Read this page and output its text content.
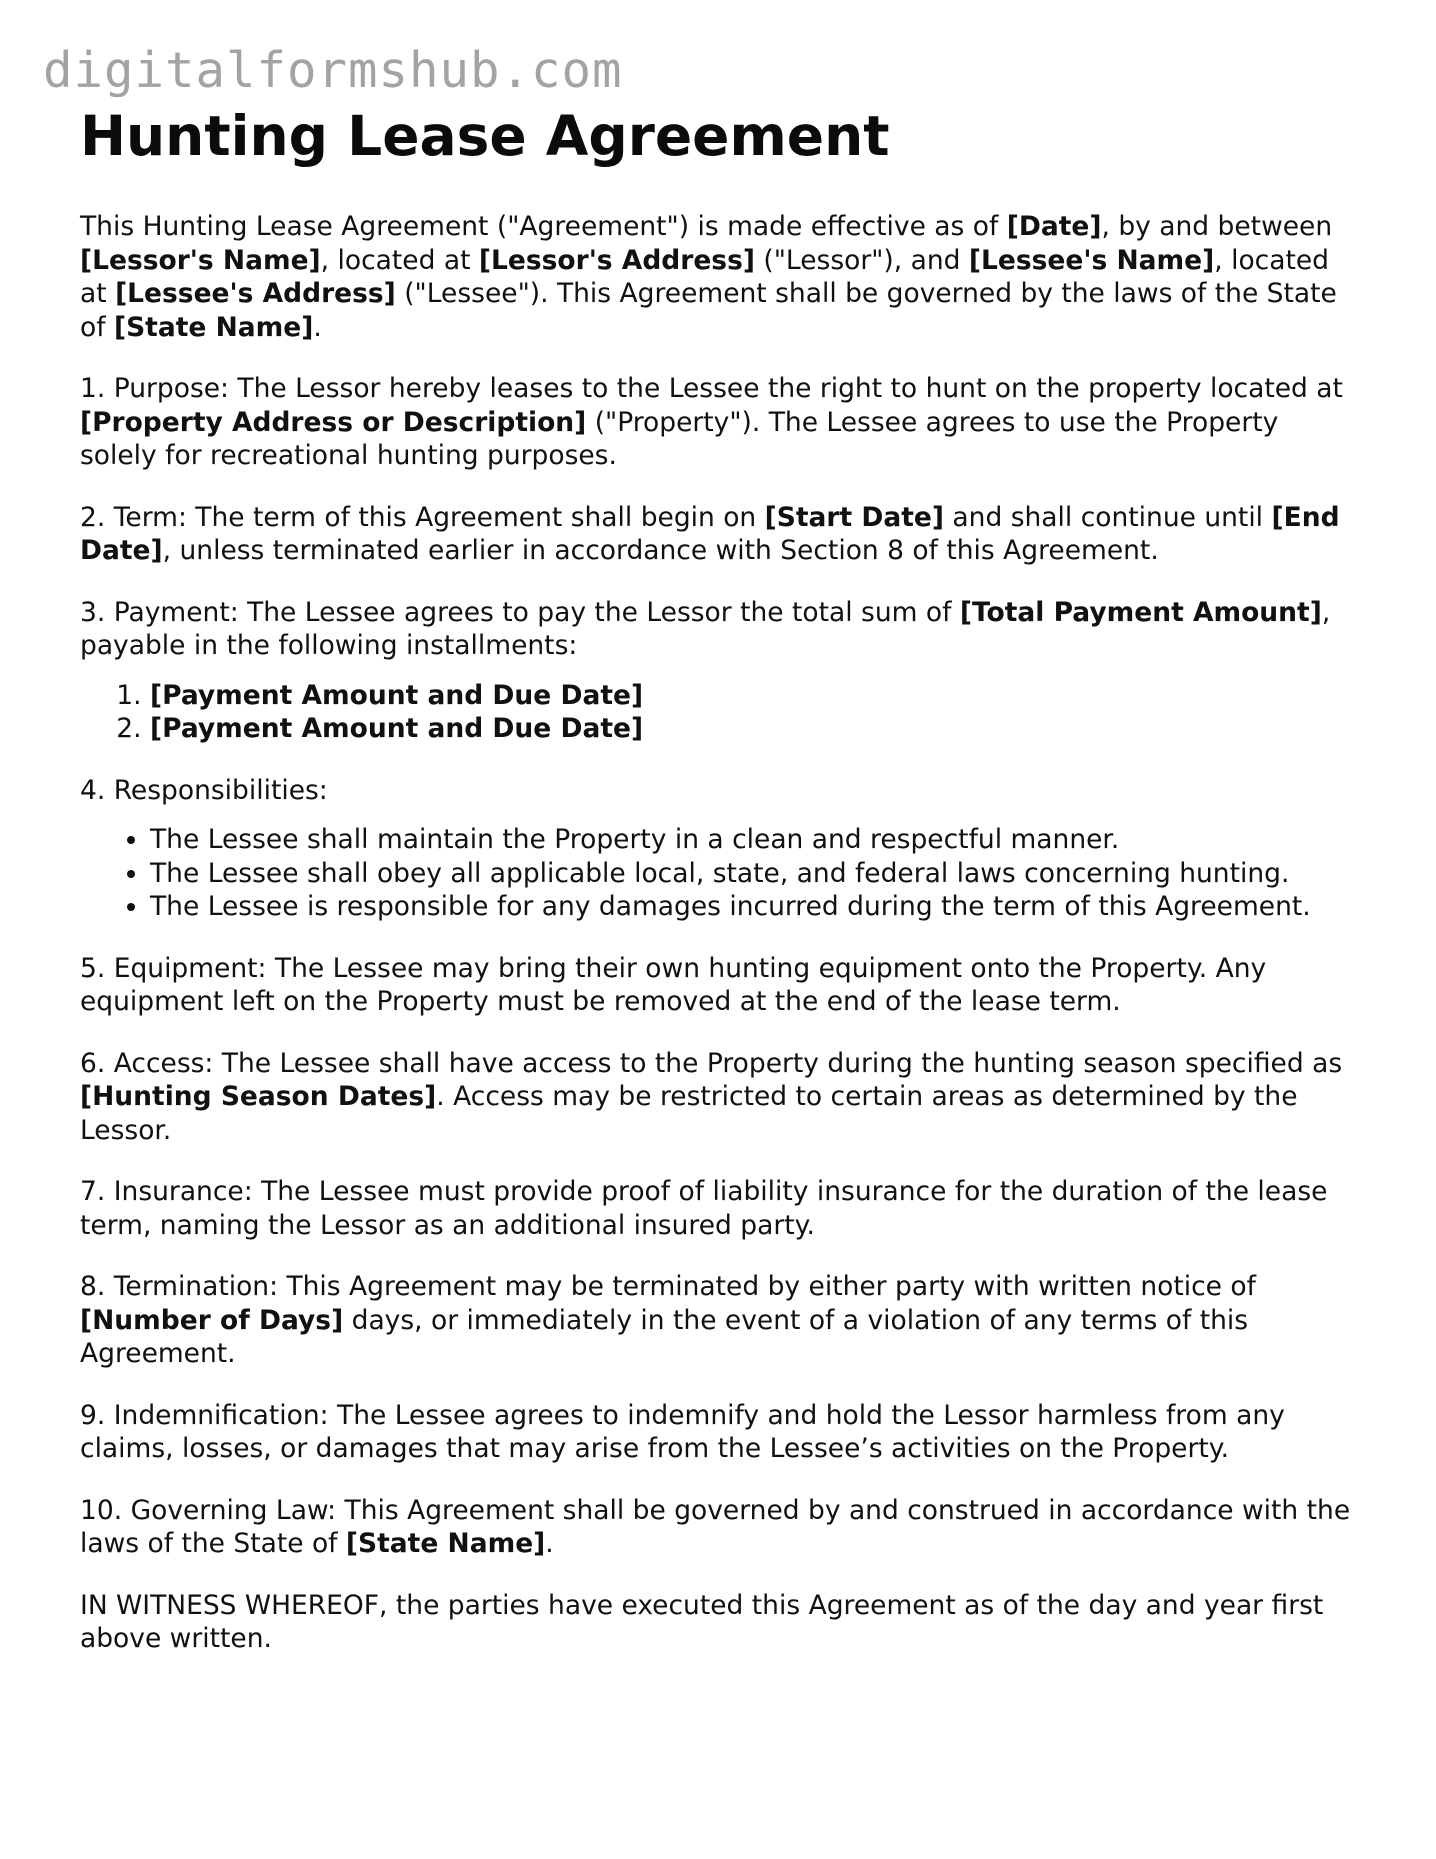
digitalformshub.com
Hunting Lease Agreement

This Hunting Lease Agreement ("Agreement") is made effective as of [Date], by and between [Lessor's Name], located at [Lessor's Address] ("Lessor"), and [Lessee's Name], located at [Lessee's Address] ("Lessee"). This Agreement shall be governed by the laws of the State of [State Name].

1. Purpose: The Lessor hereby leases to the Lessee the right to hunt on the property located at [Property Address or Description] ("Property"). The Lessee agrees to use the Property solely for recreational hunting purposes.

2. Term: The term of this Agreement shall begin on [Start Date] and shall continue until [End Date], unless terminated earlier in accordance with Section 8 of this Agreement.

3. Payment: The Lessee agrees to pay the Lessor the total sum of [Total Payment Amount], payable in the following installments:

1. [Payment Amount and Due Date]
2. [Payment Amount and Due Date]

4. Responsibilities:

• The Lessee shall maintain the Property in a clean and respectful manner.
• The Lessee shall obey all applicable local, state, and federal laws concerning hunting.
• The Lessee is responsible for any damages incurred during the term of this Agreement.

5. Equipment: The Lessee may bring their own hunting equipment onto the Property. Any equipment left on the Property must be removed at the end of the lease term.

6. Access: The Lessee shall have access to the Property during the hunting season specified as [Hunting Season Dates]. Access may be restricted to certain areas as determined by the Lessor.

7. Insurance: The Lessee must provide proof of liability insurance for the duration of the lease term, naming the Lessor as an additional insured party.

8. Termination: This Agreement may be terminated by either party with written notice of [Number of Days] days, or immediately in the event of a violation of any terms of this Agreement.

9. Indemnification: The Lessee agrees to indemnify and hold the Lessor harmless from any claims, losses, or damages that may arise from the Lessee’s activities on the Property.

10. Governing Law: This Agreement shall be governed by and construed in accordance with the laws of the State of [State Name].

IN WITNESS WHEREOF, the parties have executed this Agreement as of the day and year first above written.
